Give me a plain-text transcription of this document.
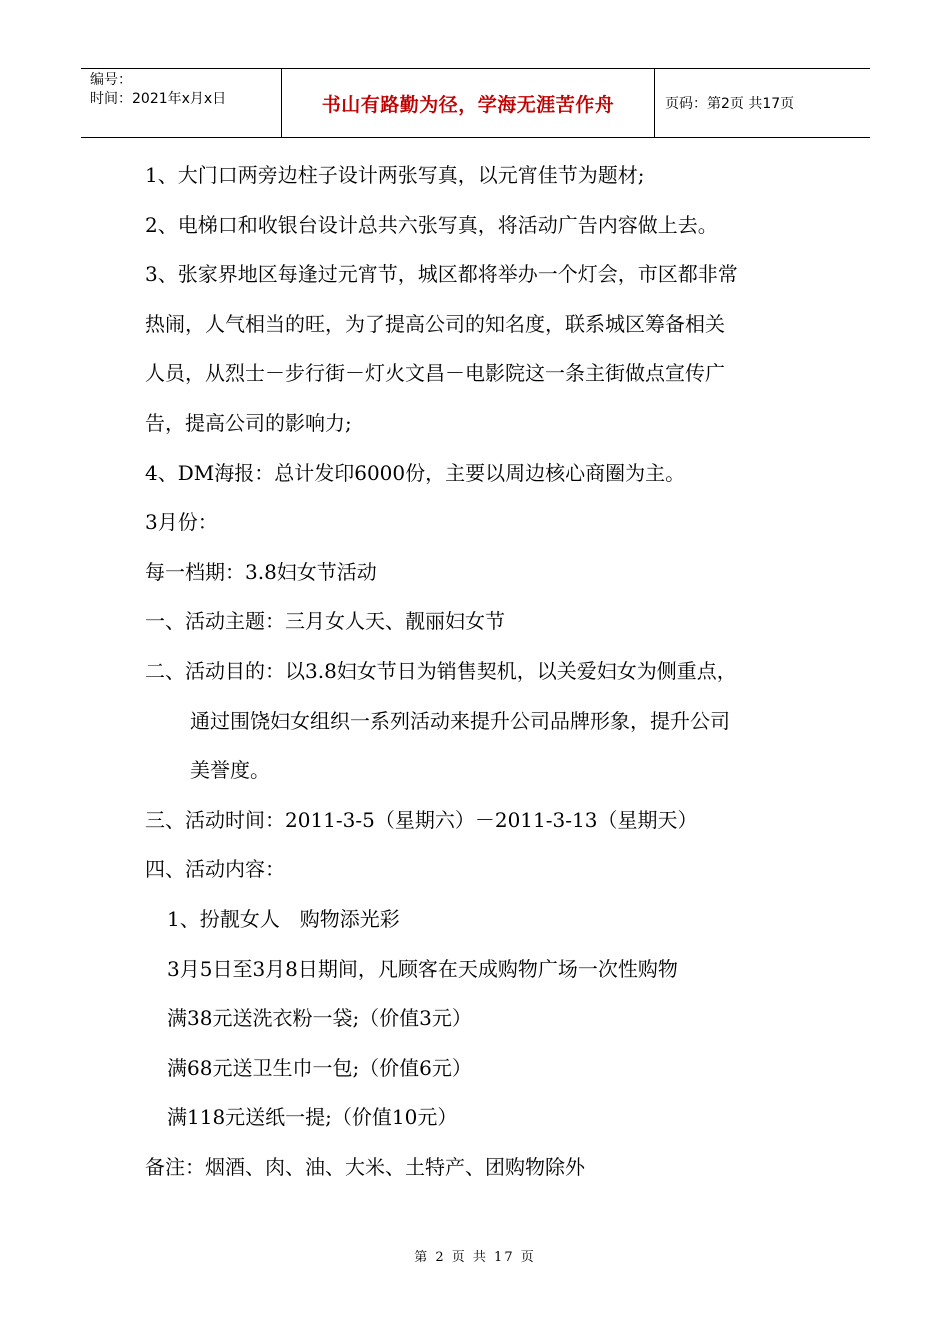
编号：
时间：2021年x月x日	书山有路勤为径，学海无涯苦作舟	页码：第2页 共17页
1、大门口两旁边柱子设计两张写真，以元宵佳节为题材;
2、电梯口和收银台设计总共六张写真，将活动广告内容做上去。
3、张家界地区每逢过元宵节，城区都将举办一个灯会，市区都非常
热闹，人气相当的旺，为了提高公司的知名度，联系城区筹备相关
人员，从烈士－步行街－灯火文昌－电影院这一条主街做点宣传广
告，提高公司的影响力;
4、DM海报：总计发印6000份，主要以周边核心商圈为主。
3月份：
每一档期：3.8妇女节活动
一、活动主题：三月女人天、靓丽妇女节
二、活动目的：以3.8妇女节日为销售契机，以关爱妇女为侧重点，
通过围饶妇女组织一系列活动来提升公司品牌形象，提升公司
美誉度。
三、活动时间：2011-3-5（星期六）－2011-3-13（星期天）
四、活动内容：
1、扮靓女人　购物添光彩
3月5日至3月8日期间，凡顾客在天成购物广场一次性购物
满38元送洗衣粉一袋;（价值3元）
满68元送卫生巾一包;（价值6元）
满118元送纸一提;（价值10元）
备注：烟酒、肉、油、大米、土特产、团购物除外
第 2 页 共 17 页
